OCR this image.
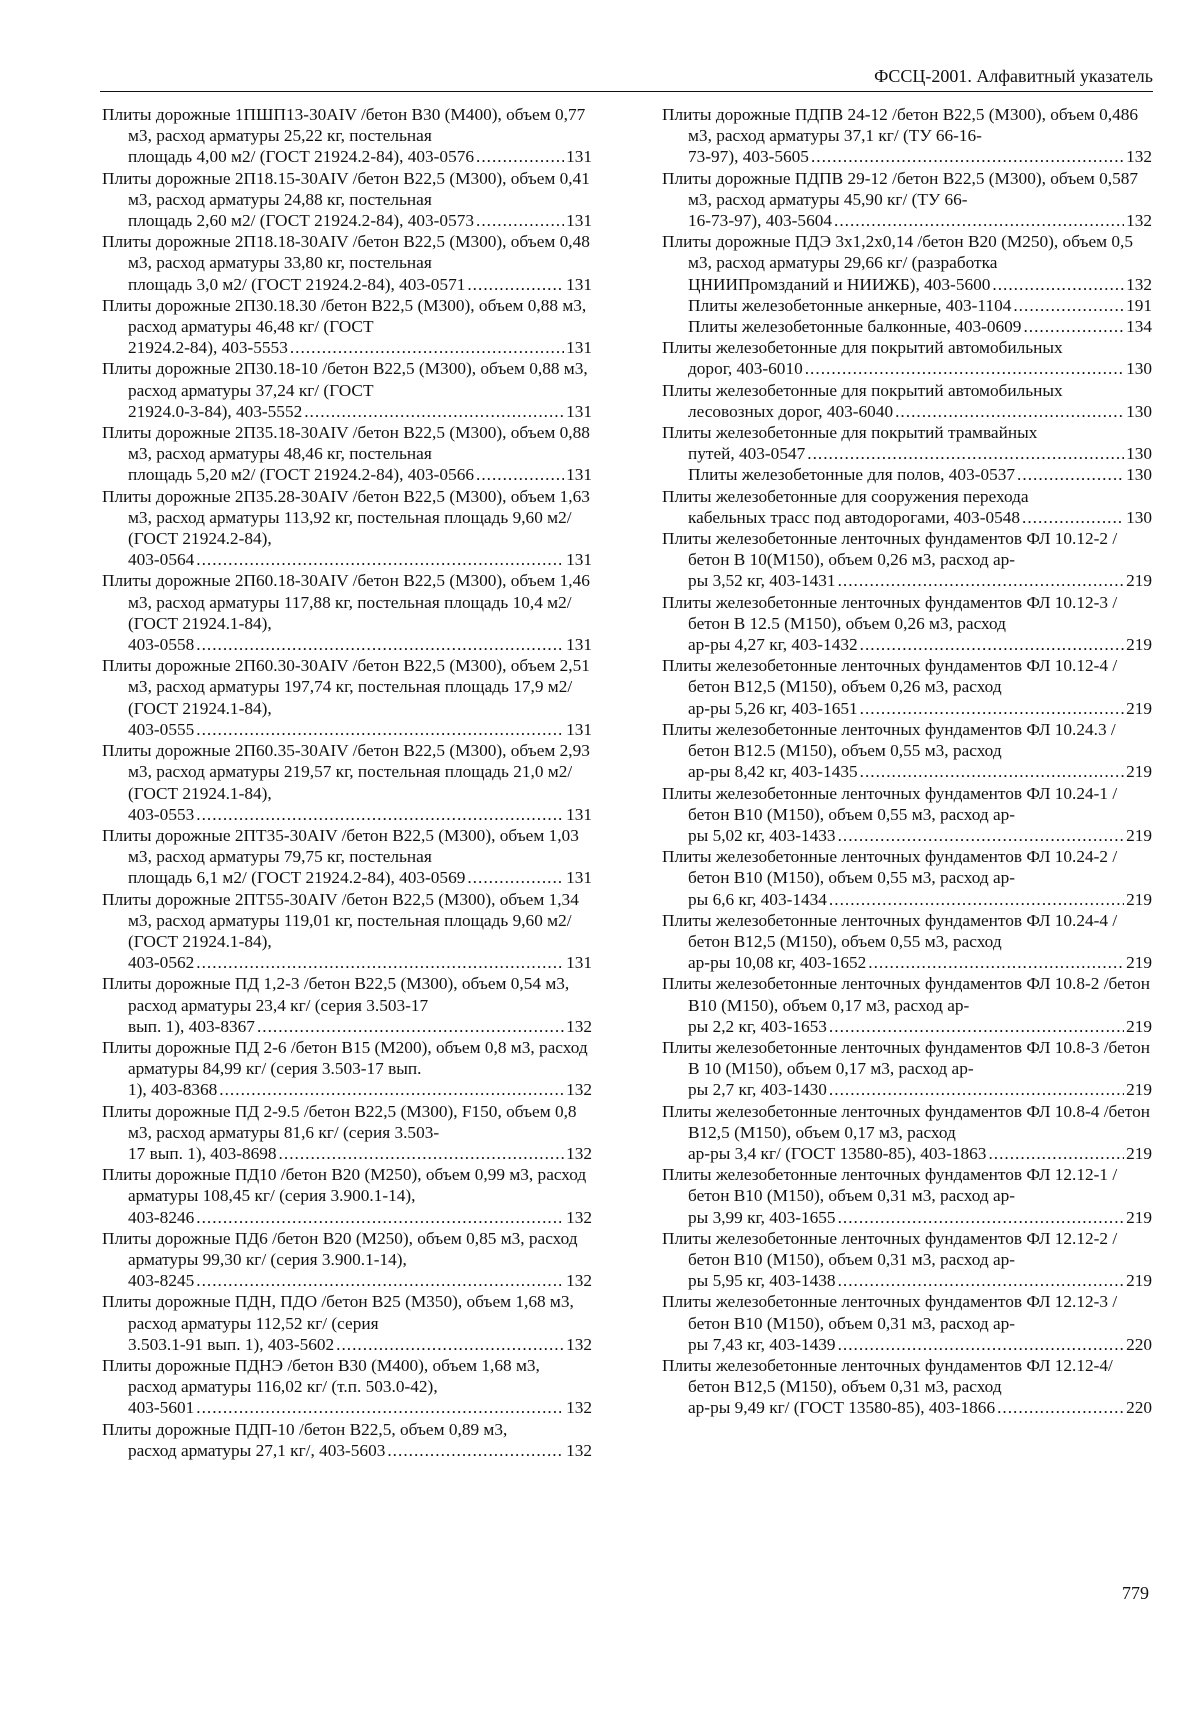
ФССЦ-2001. Алфавитный указатель

Плиты дорожные 1ПШП13-30AIV /бетон В30 (М400), объем 0,77 м3, расход арматуры 25,22 кг, постельная
площадь 4,00 м2/ (ГОСТ 21924.2-84), 403-0576 .....	131

Плиты дорожные 2П18.15-30AIV /бетон В22,5 (М300), объем 0,41 м3, расход арматуры 24,88 кг, постельная
площадь 2,60 м2/ (ГОСТ 21924.2-84), 403-0573 .....	131

Плиты дорожные 2П18.18-30AIV /бетон В22,5 (М300), объем 0,48 м3, расход арматуры 33,80 кг, постельная
площадь 3,0 м2/ (ГОСТ 21924.2-84), 403-0571 .....	131

Плиты дорожные 2П30.18.30 /бетон В22,5 (М300), объем 0,88 м3, расход арматуры 46,48 кг/ (ГОСТ
21924.2-84), 403-5553 .....	131

Плиты дорожные 2П30.18-10 /бетон В22,5 (М300), объем 0,88 м3, расход арматуры 37,24 кг/ (ГОСТ
21924.0-3-84), 403-5552 .....	131

Плиты дорожные 2П35.18-30AIV /бетон В22,5 (М300), объем 0,88 м3, расход арматуры 48,46 кг, постельная
площадь 5,20 м2/ (ГОСТ 21924.2-84), 403-0566 .....	131

Плиты дорожные 2П35.28-30AIV /бетон В22,5 (М300), объем 1,63 м3, расход арматуры 113,92 кг, постельная площадь 9,60 м2/ (ГОСТ 21924.2-84),
403-0564 .....	131

Плиты дорожные 2П60.18-30AIV /бетон В22,5 (М300), объем 1,46 м3, расход арматуры 117,88 кг, постельная площадь 10,4 м2/ (ГОСТ 21924.1-84),
403-0558 .....	131

Плиты дорожные 2П60.30-30AIV /бетон В22,5 (М300), объем 2,51 м3, расход арматуры 197,74 кг, постельная площадь 17,9 м2/ (ГОСТ 21924.1-84),
403-0555 .....	131

Плиты дорожные 2П60.35-30AIV /бетон В22,5 (М300), объем 2,93 м3, расход арматуры 219,57 кг, постельная площадь 21,0 м2/ (ГОСТ 21924.1-84),
403-0553 .....	131

Плиты дорожные 2ПТ35-30AIV /бетон В22,5 (М300), объем 1,03 м3, расход арматуры 79,75 кг, постельная
площадь 6,1 м2/ (ГОСТ 21924.2-84), 403-0569 .....	131

Плиты дорожные 2ПТ55-30AIV /бетон В22,5 (М300), объем 1,34 м3, расход арматуры 119,01 кг, постельная площадь 9,60 м2/ (ГОСТ 21924.1-84),
403-0562 .....	131

Плиты дорожные ПД 1,2-3 /бетон В22,5 (М300), объем 0,54 м3, расход арматуры 23,4 кг/ (серия 3.503-17
вып. 1), 403-8367 .....	132

Плиты дорожные ПД 2-6 /бетон В15 (М200), объем 0,8 м3, расход арматуры 84,99 кг/ (серия 3.503-17 вып.
1), 403-8368 .....	132

Плиты дорожные ПД 2-9.5 /бетон В22,5 (М300), F150, объем 0,8 м3, расход арматуры 81,6 кг/ (серия 3.503-
17 вып. 1), 403-8698 .....	132

Плиты дорожные ПД10 /бетон В20 (М250), объем 0,99 м3, расход арматуры 108,45 кг/ (серия 3.900.1-14),
403-8246 .....	132

Плиты дорожные ПД6 /бетон В20 (М250), объем 0,85 м3, расход арматуры 99,30 кг/ (серия 3.900.1-14),
403-8245 .....	132

Плиты дорожные ПДН, ПДО /бетон В25 (М350), объем 1,68 м3, расход арматуры 112,52 кг/ (серия
3.503.1-91 вып. 1), 403-5602 .....	132

Плиты дорожные ПДНЭ /бетон В30 (М400), объем 1,68 м3, расход арматуры 116,02 кг/ (т.п. 503.0-42),
403-5601 .....	132

Плиты дорожные ПДП-10 /бетон В22,5, объем 0,89 м3,
расход арматуры 27,1 кг/, 403-5603 .....	132

Плиты дорожные ПДПВ 24-12 /бетон В22,5 (М300), объем 0,486 м3, расход арматуры 37,1 кг/ (ТУ 66-16-
73-97), 403-5605 .....	132

Плиты дорожные ПДПВ 29-12 /бетон В22,5 (М300), объем 0,587 м3, расход арматуры 45,90 кг/ (ТУ 66-
16-73-97), 403-5604 .....	132

Плиты дорожные ПДЭ 3х1,2х0,14 /бетон В20 (М250), объем 0,5 м3, расход арматуры 29,66 кг/ (разработка
ЦНИИПромзданий и НИИЖБ), 403-5600 .....	132

Плиты железобетонные анкерные, 403-1104 .....	191

Плиты железобетонные балконные, 403-0609 .....	134

Плиты железобетонные для покрытий автомобильных
дорог, 403-6010 .....	130

Плиты железобетонные для покрытий автомобильных
лесовозных дорог, 403-6040 .....	130

Плиты железобетонные для покрытий трамвайных
путей, 403-0547 .....	130

Плиты железобетонные для полов, 403-0537 .....	130

Плиты железобетонные для сооружения перехода
кабельных трасс под автодорогами, 403-0548 .....	130

Плиты железобетонные ленточных фундаментов ФЛ 10.12-2 /бетон В 10(М150), объем 0,26 м3, расход ар-
ры 3,52 кг, 403-1431 .....	219

Плиты железобетонные ленточных фундаментов ФЛ 10.12-3 /бетон В 12.5 (М150), объем 0,26 м3, расход
ар-ры 4,27 кг, 403-1432 .....	219

Плиты железобетонные ленточных фундаментов ФЛ 10.12-4 /бетон В12,5 (М150), объем 0,26 м3, расход
ар-ры 5,26 кг, 403-1651 .....	219

Плиты железобетонные ленточных фундаментов ФЛ 10.24.3 /бетон В12.5 (М150), объем 0,55 м3, расход
ар-ры 8,42 кг, 403-1435 .....	219

Плиты железобетонные ленточных фундаментов ФЛ 10.24-1 /бетон В10 (М150), объем 0,55 м3, расход ар-
ры 5,02 кг, 403-1433 .....	219

Плиты железобетонные ленточных фундаментов ФЛ 10.24-2 /бетон В10 (М150), объем 0,55 м3, расход ар-
ры 6,6 кг, 403-1434 .....	219

Плиты железобетонные ленточных фундаментов ФЛ 10.24-4 /бетон В12,5 (М150), объем 0,55 м3, расход
ар-ры 10,08 кг, 403-1652 .....	219

Плиты железобетонные ленточных фундаментов ФЛ 10.8-2 /бетон В10 (М150), объем 0,17 м3, расход ар-
ры 2,2 кг, 403-1653 .....	219

Плиты железобетонные ленточных фундаментов ФЛ 10.8-3 /бетон В 10 (М150), объем 0,17 м3, расход ар-
ры 2,7 кг, 403-1430 .....	219

Плиты железобетонные ленточных фундаментов ФЛ 10.8-4 /бетон В12,5 (М150), объем 0,17 м3, расход
ар-ры 3,4 кг/ (ГОСТ 13580-85), 403-1863 .....	219

Плиты железобетонные ленточных фундаментов ФЛ 12.12-1 /бетон В10 (М150), объем 0,31 м3, расход ар-
ры 3,99 кг, 403-1655 .....	219

Плиты железобетонные ленточных фундаментов ФЛ 12.12-2 /бетон В10 (М150), объем 0,31 м3, расход ар-
ры 5,95 кг, 403-1438 .....	219

Плиты железобетонные ленточных фундаментов ФЛ 12.12-3 /бетон В10 (М150), объем 0,31 м3, расход ар-
ры 7,43 кг, 403-1439 .....	220

Плиты железобетонные ленточных фундаментов ФЛ 12.12-4/ бетон В12,5 (М150), объем 0,31 м3, расход
ар-ры 9,49 кг/ (ГОСТ 13580-85), 403-1866 .....	220

779
